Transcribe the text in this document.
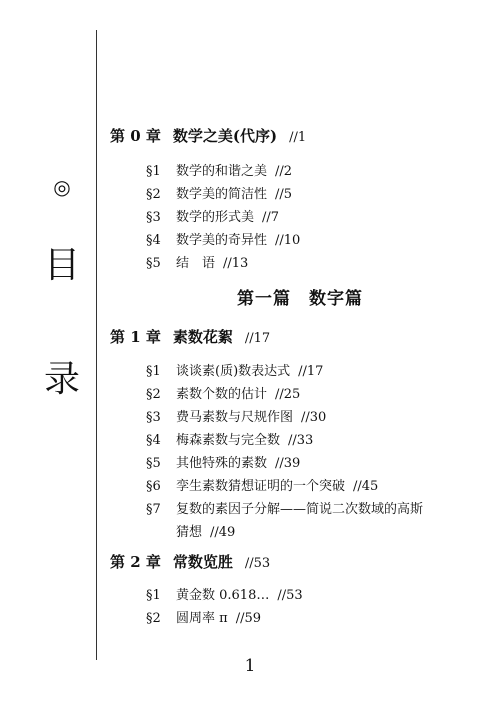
◎
目
录
第 0 章 数学之美(代序) //1
§1 数学的和谐之美 //2
§2 数学美的简洁性 //5
§3 数学的形式美 //7
§4 数学美的奇异性 //10
§5 结　语 //13
第一篇　数字篇
第 1 章 素数花絮 //17
§1 谈谈素(质)数表达式 //17
§2 素数个数的估计 //25
§3 费马素数与尺规作图 //30
§4 梅森素数与完全数 //33
§5 其他特殊的素数 //39
§6 孪生素数猜想证明的一个突破 //45
§7 复数的素因子分解——简说二次数域的高斯
猜想 //49
第 2 章 常数览胜 //53
§1 黄金数 0.618… //53
§2 圆周率 π //59
1
